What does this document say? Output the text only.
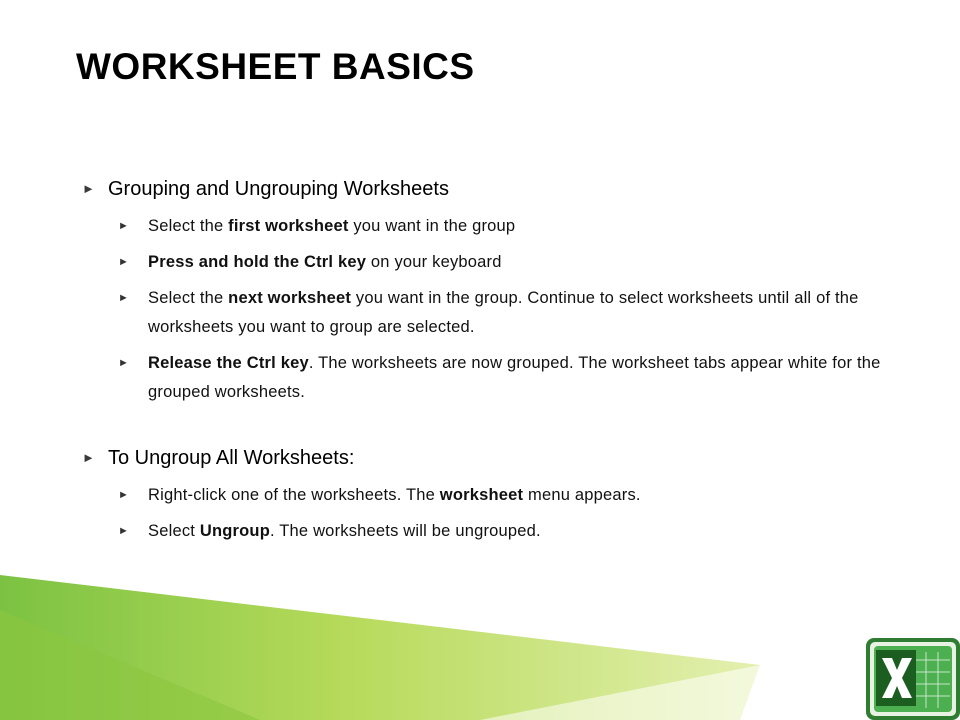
WORKSHEET BASICS
► Grouping and Ungrouping Worksheets
►	Select the first worksheet you want in the group
►	Press and hold the Ctrl key on your keyboard
►	Select the next worksheet you want in the group. Continue to select worksheets until all of the worksheets you want to group are selected.
►	Release the Ctrl key. The worksheets are now grouped. The worksheet tabs appear white for the grouped worksheets.
► To Ungroup All Worksheets:
►	Right-click one of the worksheets. The worksheet menu appears.
►	Select Ungroup. The worksheets will be ungrouped.
